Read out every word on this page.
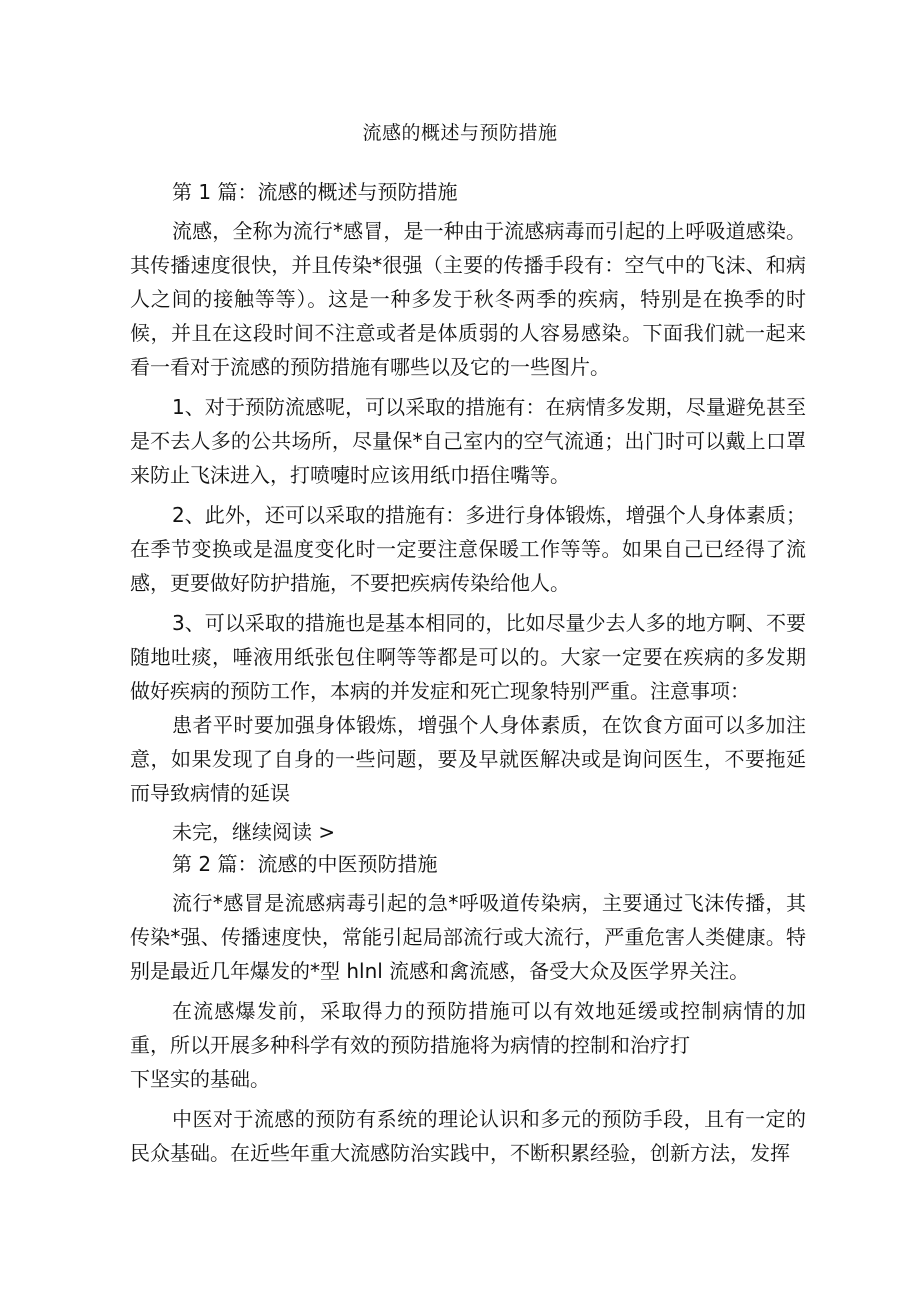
流感的概述与预防措施
第 1 篇：流感的概述与预防措施

流感，全称为流行*感冒，是一种由于流感病毒而引起的上呼吸道感染。其传播速度很快，并且传染*很强（主要的传播手段有：空气中的飞沫、和病人之间的接触等等）。这是一种多发于秋冬两季的疾病，特别是在换季的时候，并且在这段时间不注意或者是体质弱的人容易感染。下面我们就一起来看一看对于流感的预防措施有哪些以及它的一些图片。

1、对于预防流感呢，可以采取的措施有：在病情多发期，尽量避免甚至是不去人多的公共场所，尽量保*自己室内的空气流通；出门时可以戴上口罩来防止飞沫进入，打喷嚏时应该用纸巾捂住嘴等。

2、此外，还可以采取的措施有：多进行身体锻炼，增强个人身体素质；在季节变换或是温度变化时一定要注意保暖工作等等。如果自己已经得了流感，更要做好防护措施，不要把疾病传染给他人。

3、可以采取的措施也是基本相同的，比如尽量少去人多的地方啊、不要随地吐痰，唾液用纸张包住啊等等都是可以的。大家一定要在疾病的多发期做好疾病的预防工作，本病的并发症和死亡现象特别严重。注意事项：

患者平时要加强身体锻炼，增强个人身体素质，在饮食方面可以多加注意，如果发现了自身的一些问题，要及早就医解决或是询问医生，不要拖延而导致病情的延误

未完，继续阅读 >
第 2 篇：流感的中医预防措施

流行*感冒是流感病毒引起的急*呼吸道传染病，主要通过飞沫传播，其传染*强、传播速度快，常能引起局部流行或大流行，严重危害人类健康。特别是最近几年爆发的*型 hlnl 流感和禽流感，备受大众及医学界关注。

在流感爆发前，采取得力的预防措施可以有效地延缓或控制病情的加重，所以开展多种科学有效的预防措施将为病情的控制和治疗打

下坚实的基础。

中医对于流感的预防有系统的理论认识和多元的预防手段，且有一定的民众基础。在近些年重大流感防治实践中，不断积累经验，创新方法，发挥
